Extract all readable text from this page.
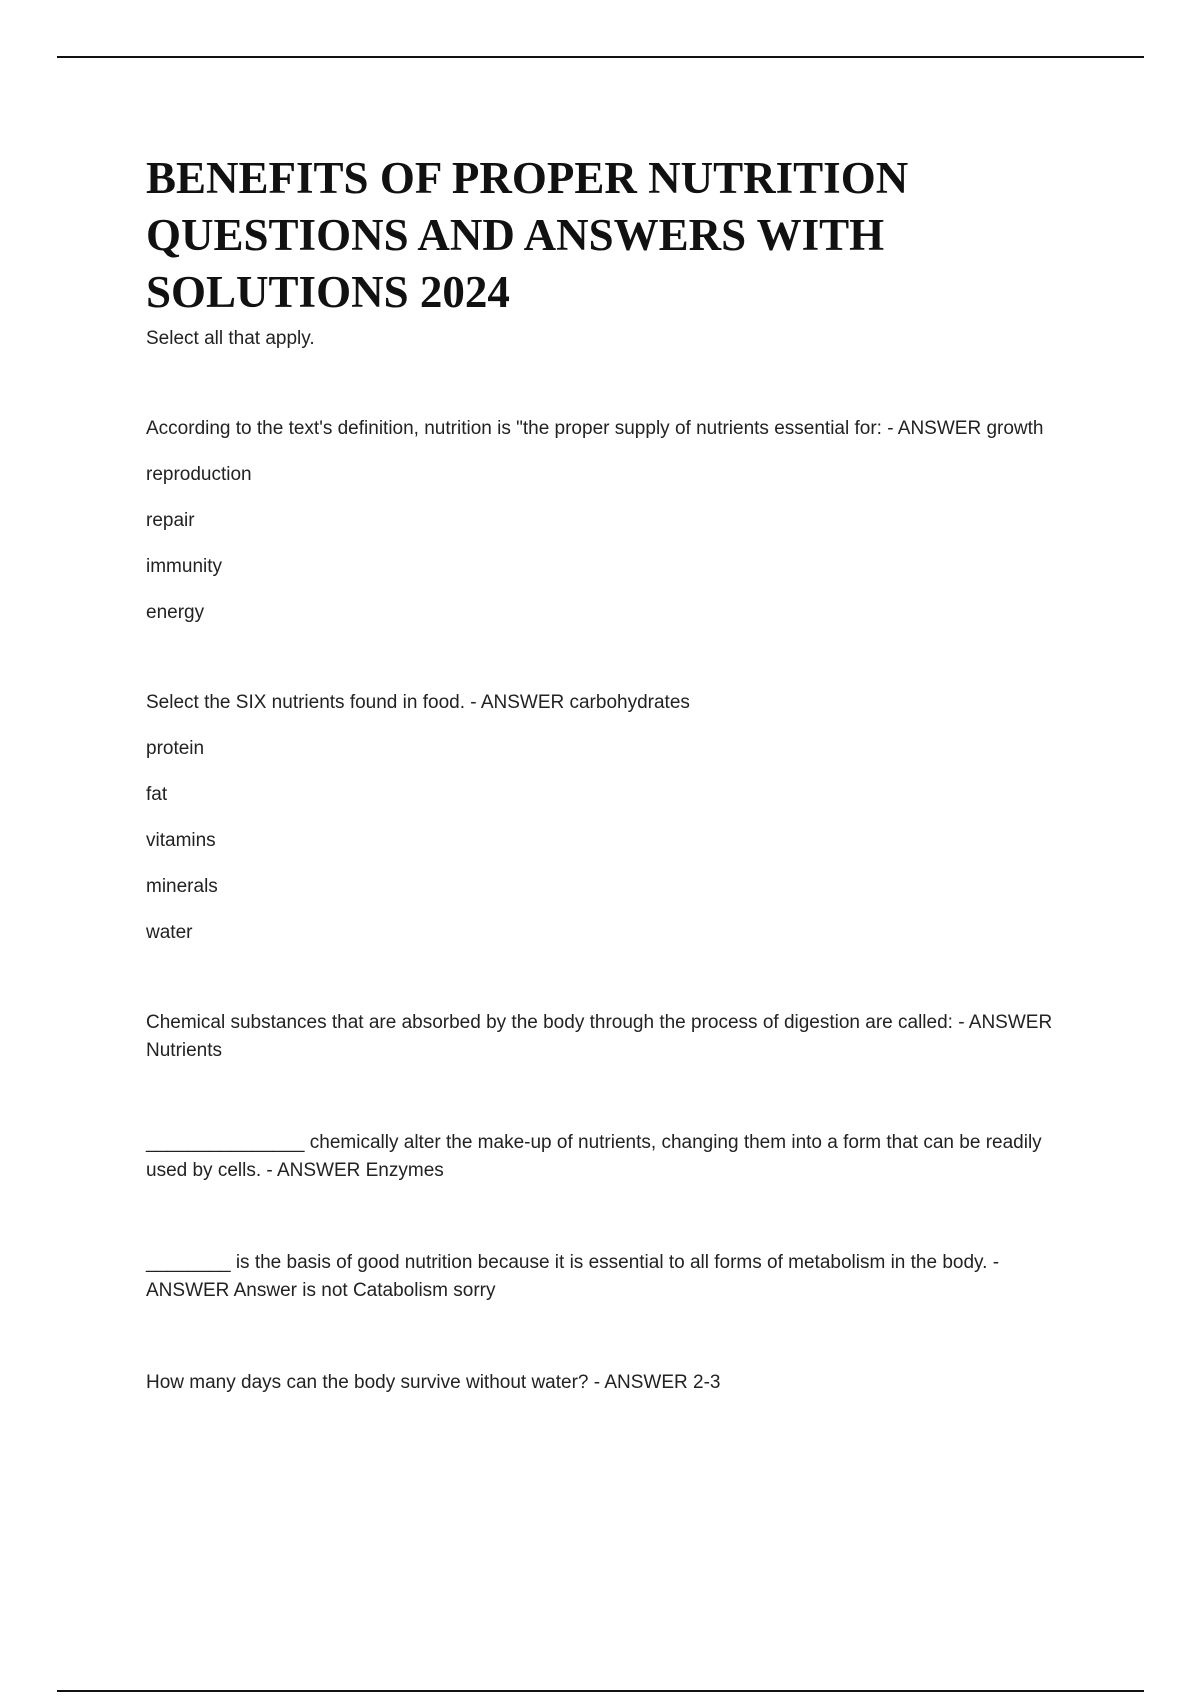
BENEFITS OF PROPER NUTRITION
QUESTIONS AND ANSWERS WITH
SOLUTIONS 2024

Select all that apply.

According to the text's definition, nutrition is "the proper supply of nutrients essential for: - ANSWER growth

reproduction

repair

immunity

energy

Select the SIX nutrients found in food. - ANSWER carbohydrates

protein

fat

vitamins

minerals

water

Chemical substances that are absorbed by the body through the process of digestion are called: - ANSWER Nutrients

_______________ chemically alter the make-up of nutrients, changing them into a form that can be readily used by cells. - ANSWER Enzymes

________ is the basis of good nutrition because it is essential to all forms of metabolism in the body. - ANSWER Answer is not Catabolism sorry

How many days can the body survive without water? - ANSWER 2-3
